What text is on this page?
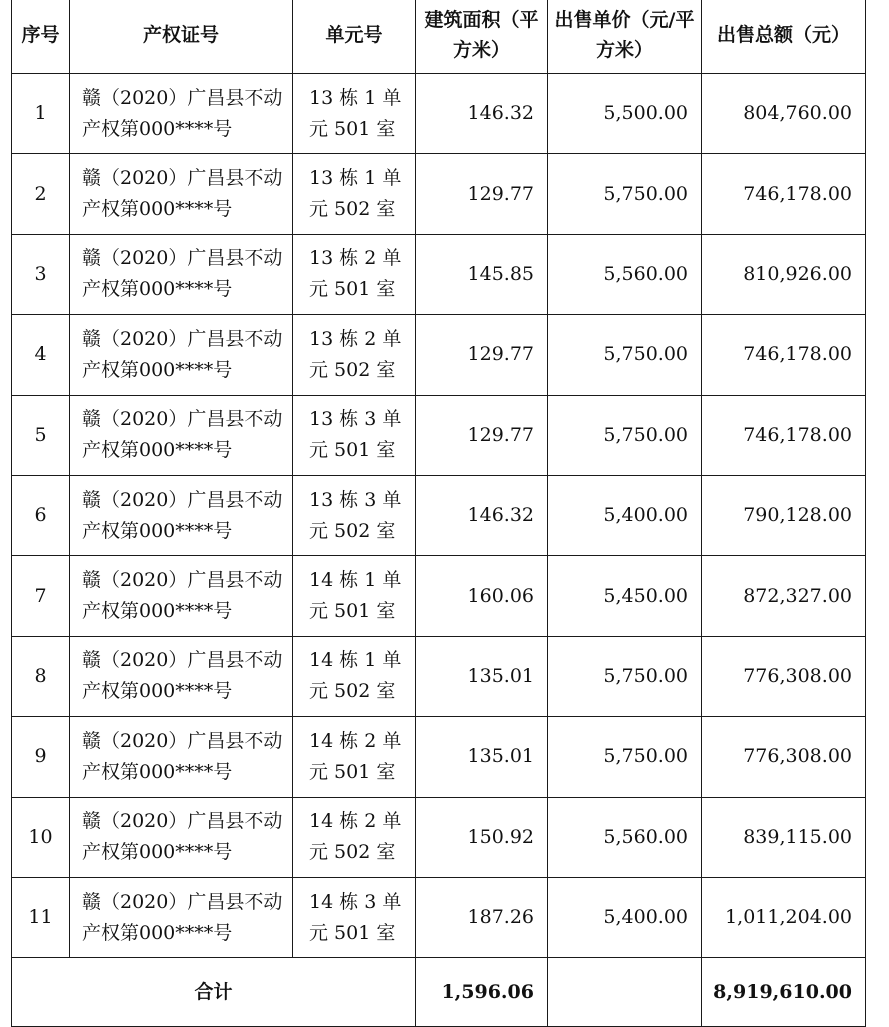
序号	产权证号	单元号	建筑面积（平方米）	出售单价（元/平方米）	出售总额（元）
1	赣（2020）广昌县不动产权第000****号	13 栋 1 单元 501 室	146.32	5,500.00	804,760.00
2	赣（2020）广昌县不动产权第000****号	13 栋 1 单元 502 室	129.77	5,750.00	746,178.00
3	赣（2020）广昌县不动产权第000****号	13 栋 2 单元 501 室	145.85	5,560.00	810,926.00
4	赣（2020）广昌县不动产权第000****号	13 栋 2 单元 502 室	129.77	5,750.00	746,178.00
5	赣（2020）广昌县不动产权第000****号	13 栋 3 单元 501 室	129.77	5,750.00	746,178.00
6	赣（2020）广昌县不动产权第000****号	13 栋 3 单元 502 室	146.32	5,400.00	790,128.00
7	赣（2020）广昌县不动产权第000****号	14 栋 1 单元 501 室	160.06	5,450.00	872,327.00
8	赣（2020）广昌县不动产权第000****号	14 栋 1 单元 502 室	135.01	5,750.00	776,308.00
9	赣（2020）广昌县不动产权第000****号	14 栋 2 单元 501 室	135.01	5,750.00	776,308.00
10	赣（2020）广昌县不动产权第000****号	14 栋 2 单元 502 室	150.92	5,560.00	839,115.00
11	赣（2020）广昌县不动产权第000****号	14 栋 3 单元 501 室	187.26	5,400.00	1,011,204.00
合计			1,596.06		8,919,610.00
